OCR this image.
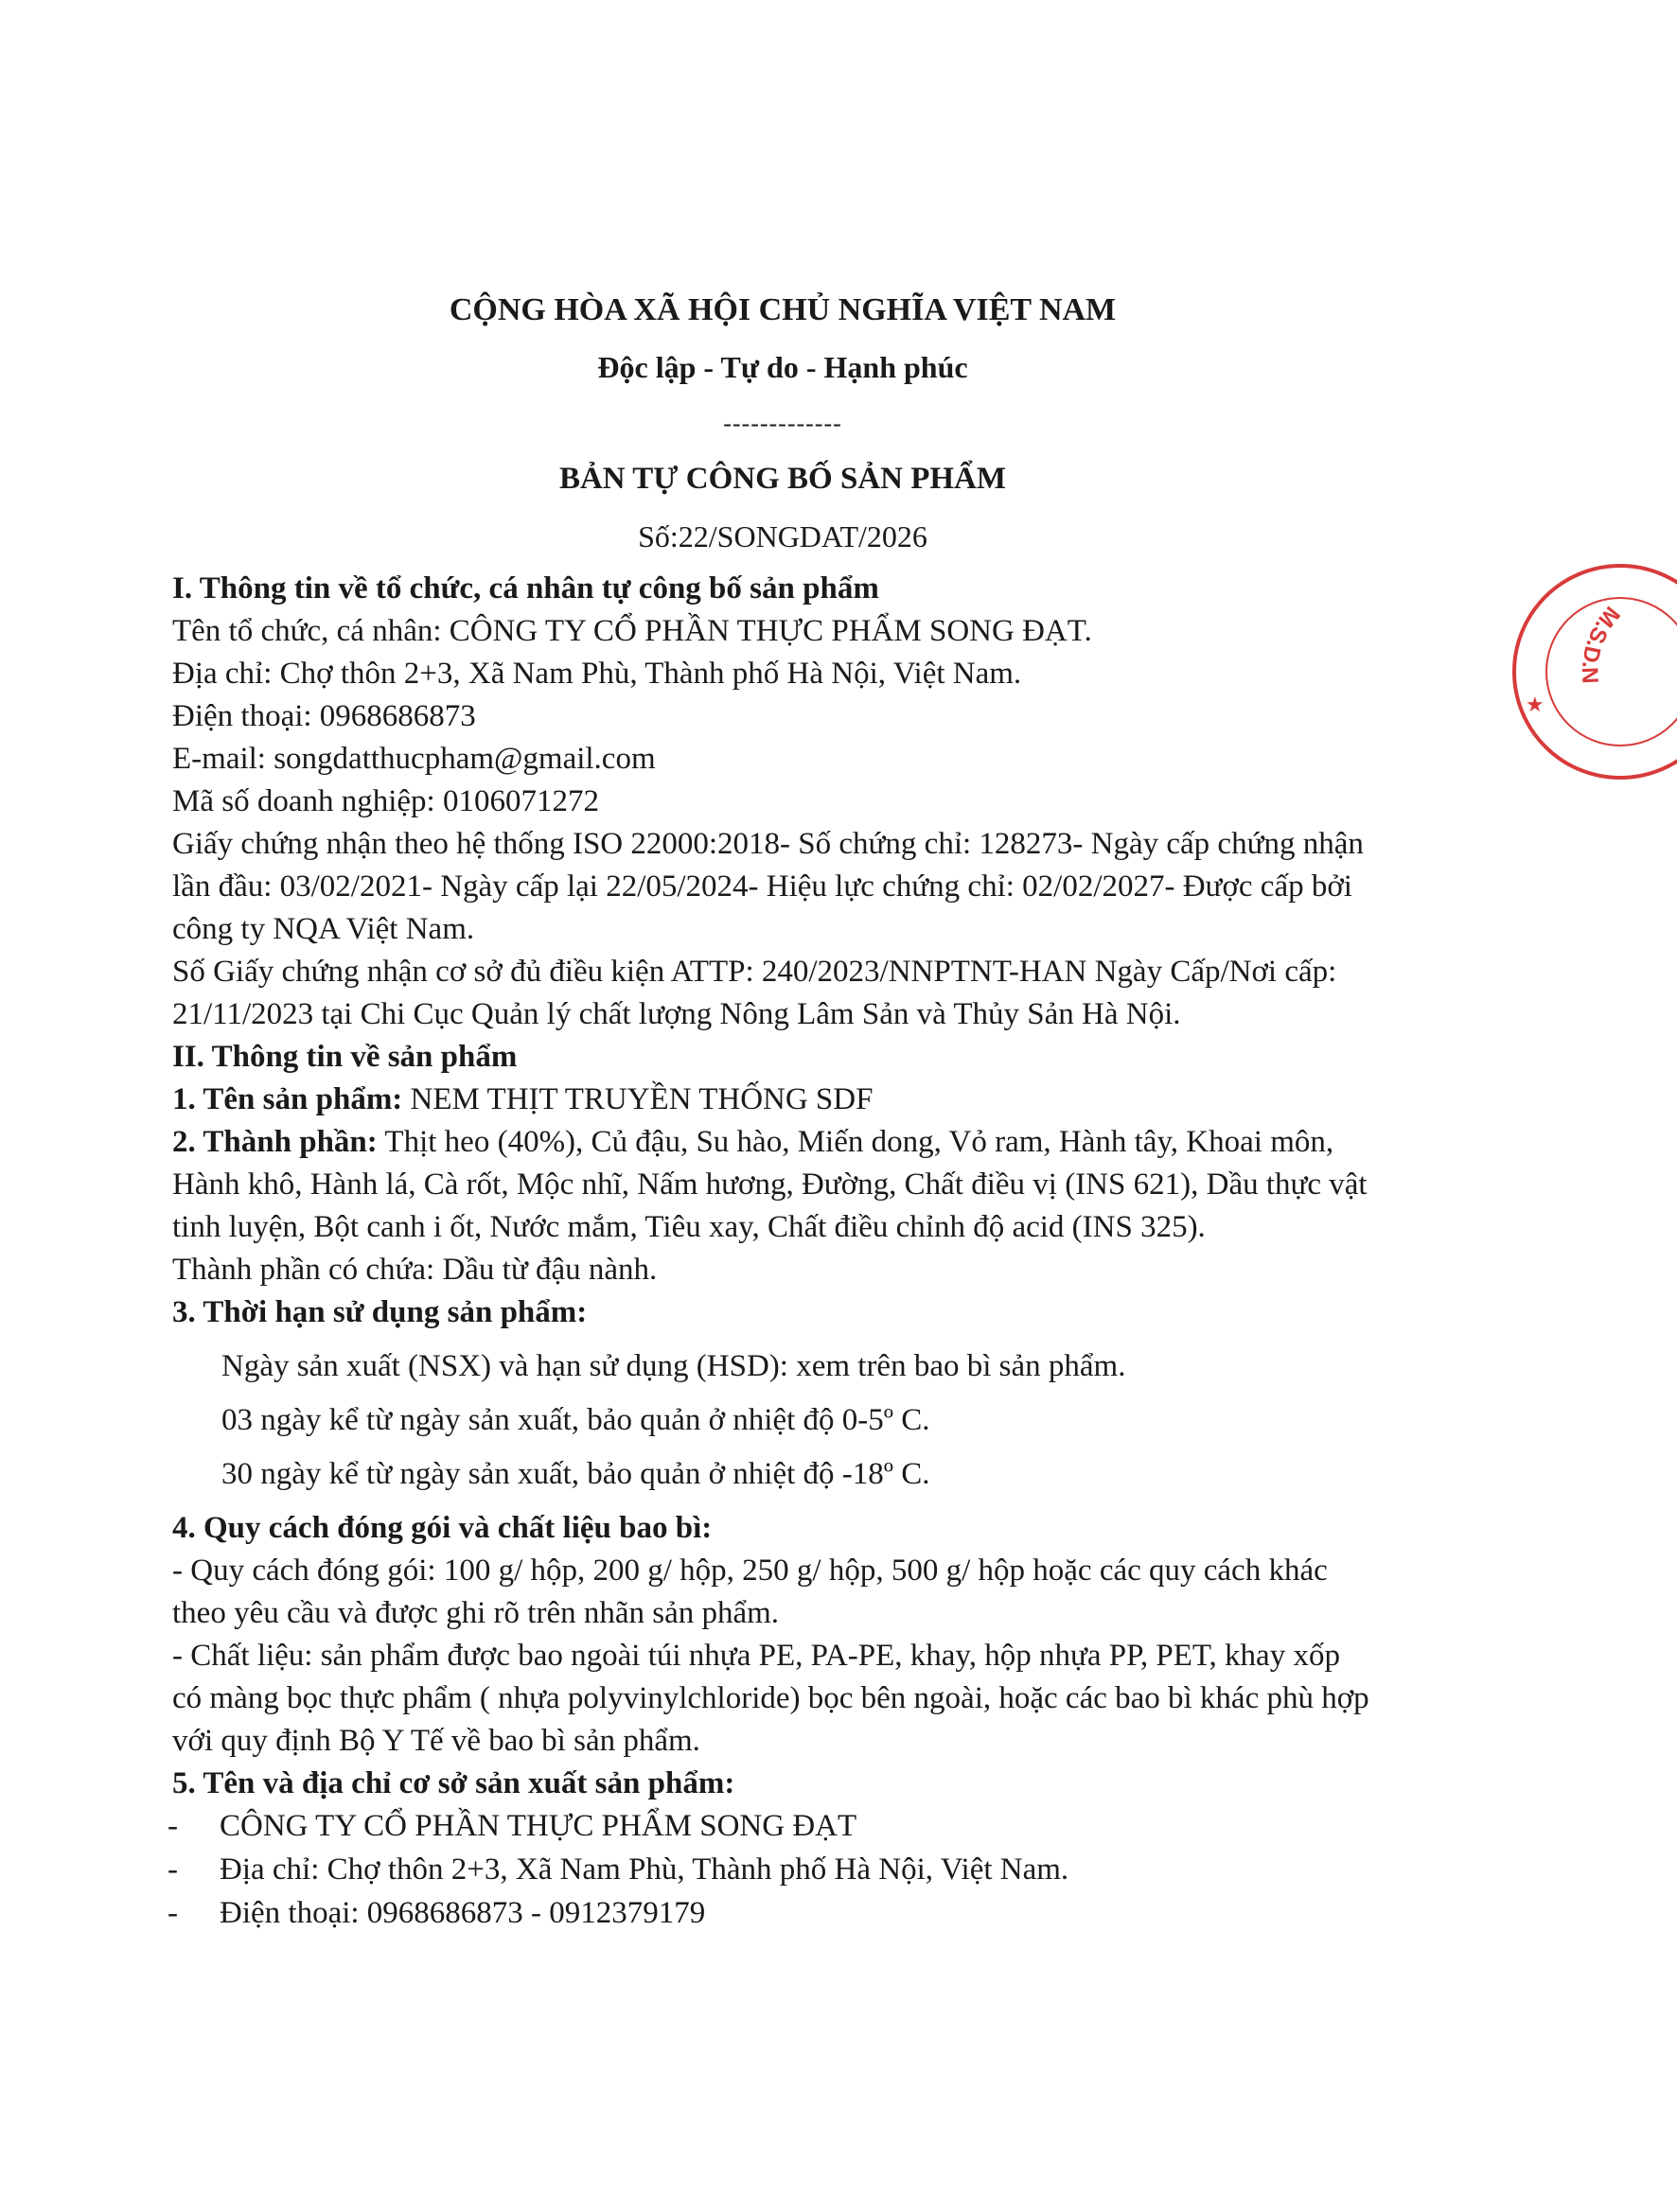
CỘNG HÒA XÃ HỘI CHỦ NGHĨA VIỆT NAM
Độc lập - Tự do - Hạnh phúc
-------------
BẢN TỰ CÔNG BỐ SẢN PHẨM
Số:22/SONGDAT/2026
I. Thông tin về tổ chức, cá nhân tự công bố sản phẩm
Tên tổ chức, cá nhân: CÔNG TY CỔ PHẦN THỰC PHẨM SONG ĐẠT.
Địa chỉ: Chợ thôn 2+3, Xã Nam Phù, Thành phố Hà Nội, Việt Nam.
Điện thoại: 0968686873
E-mail: songdatthucpham@gmail.com
Mã số doanh nghiệp: 0106071272
Giấy chứng nhận theo hệ thống ISO 22000:2018- Số chứng chỉ: 128273- Ngày cấp chứng nhận
lần đầu: 03/02/2021- Ngày cấp lại 22/05/2024- Hiệu lực chứng chỉ: 02/02/2027- Được cấp bởi
công ty NQA Việt Nam.
Số Giấy chứng nhận cơ sở đủ điều kiện ATTP: 240/2023/NNPTNT-HAN Ngày Cấp/Nơi cấp:
21/11/2023 tại Chi Cục Quản lý chất lượng Nông Lâm Sản và Thủy Sản Hà Nội.
II. Thông tin về sản phẩm
1. Tên sản phẩm: NEM THỊT TRUYỀN THỐNG SDF
2. Thành phần: Thịt heo (40%), Củ đậu, Su hào, Miến dong, Vỏ ram, Hành tây, Khoai môn,
Hành khô, Hành lá, Cà rốt, Mộc nhĩ, Nấm hương, Đường, Chất điều vị (INS 621), Dầu thực vật
tinh luyện, Bột canh i ốt, Nước mắm, Tiêu xay, Chất điều chỉnh độ acid (INS 325).
Thành phần có chứa: Dầu từ đậu nành.
3. Thời hạn sử dụng sản phẩm:
Ngày sản xuất (NSX) và hạn sử dụng (HSD): xem trên bao bì sản phẩm.
03 ngày kể từ ngày sản xuất, bảo quản ở nhiệt độ 0-5º C.
30 ngày kể từ ngày sản xuất, bảo quản ở nhiệt độ -18º C.
4. Quy cách đóng gói và chất liệu bao bì:
- Quy cách đóng gói: 100 g/ hộp, 200 g/ hộp, 250 g/ hộp, 500 g/ hộp hoặc các quy cách khác
theo yêu cầu và được ghi rõ trên nhãn sản phẩm.
- Chất liệu: sản phẩm được bao ngoài túi nhựa PE, PA-PE, khay, hộp nhựa PP, PET, khay xốp
có màng bọc thực phẩm ( nhựa polyvinylchloride) bọc bên ngoài, hoặc các bao bì khác phù hợp
với quy định Bộ Y Tế về bao bì sản phẩm.
5. Tên và địa chỉ cơ sở sản xuất sản phẩm:
- CÔNG TY CỔ PHẦN THỰC PHẨM SONG ĐẠT
- Địa chỉ: Chợ thôn 2+3, Xã Nam Phù, Thành phố Hà Nội, Việt Nam.
- Điện thoại: 0968686873 - 0912379179
M.S.D.N
★
